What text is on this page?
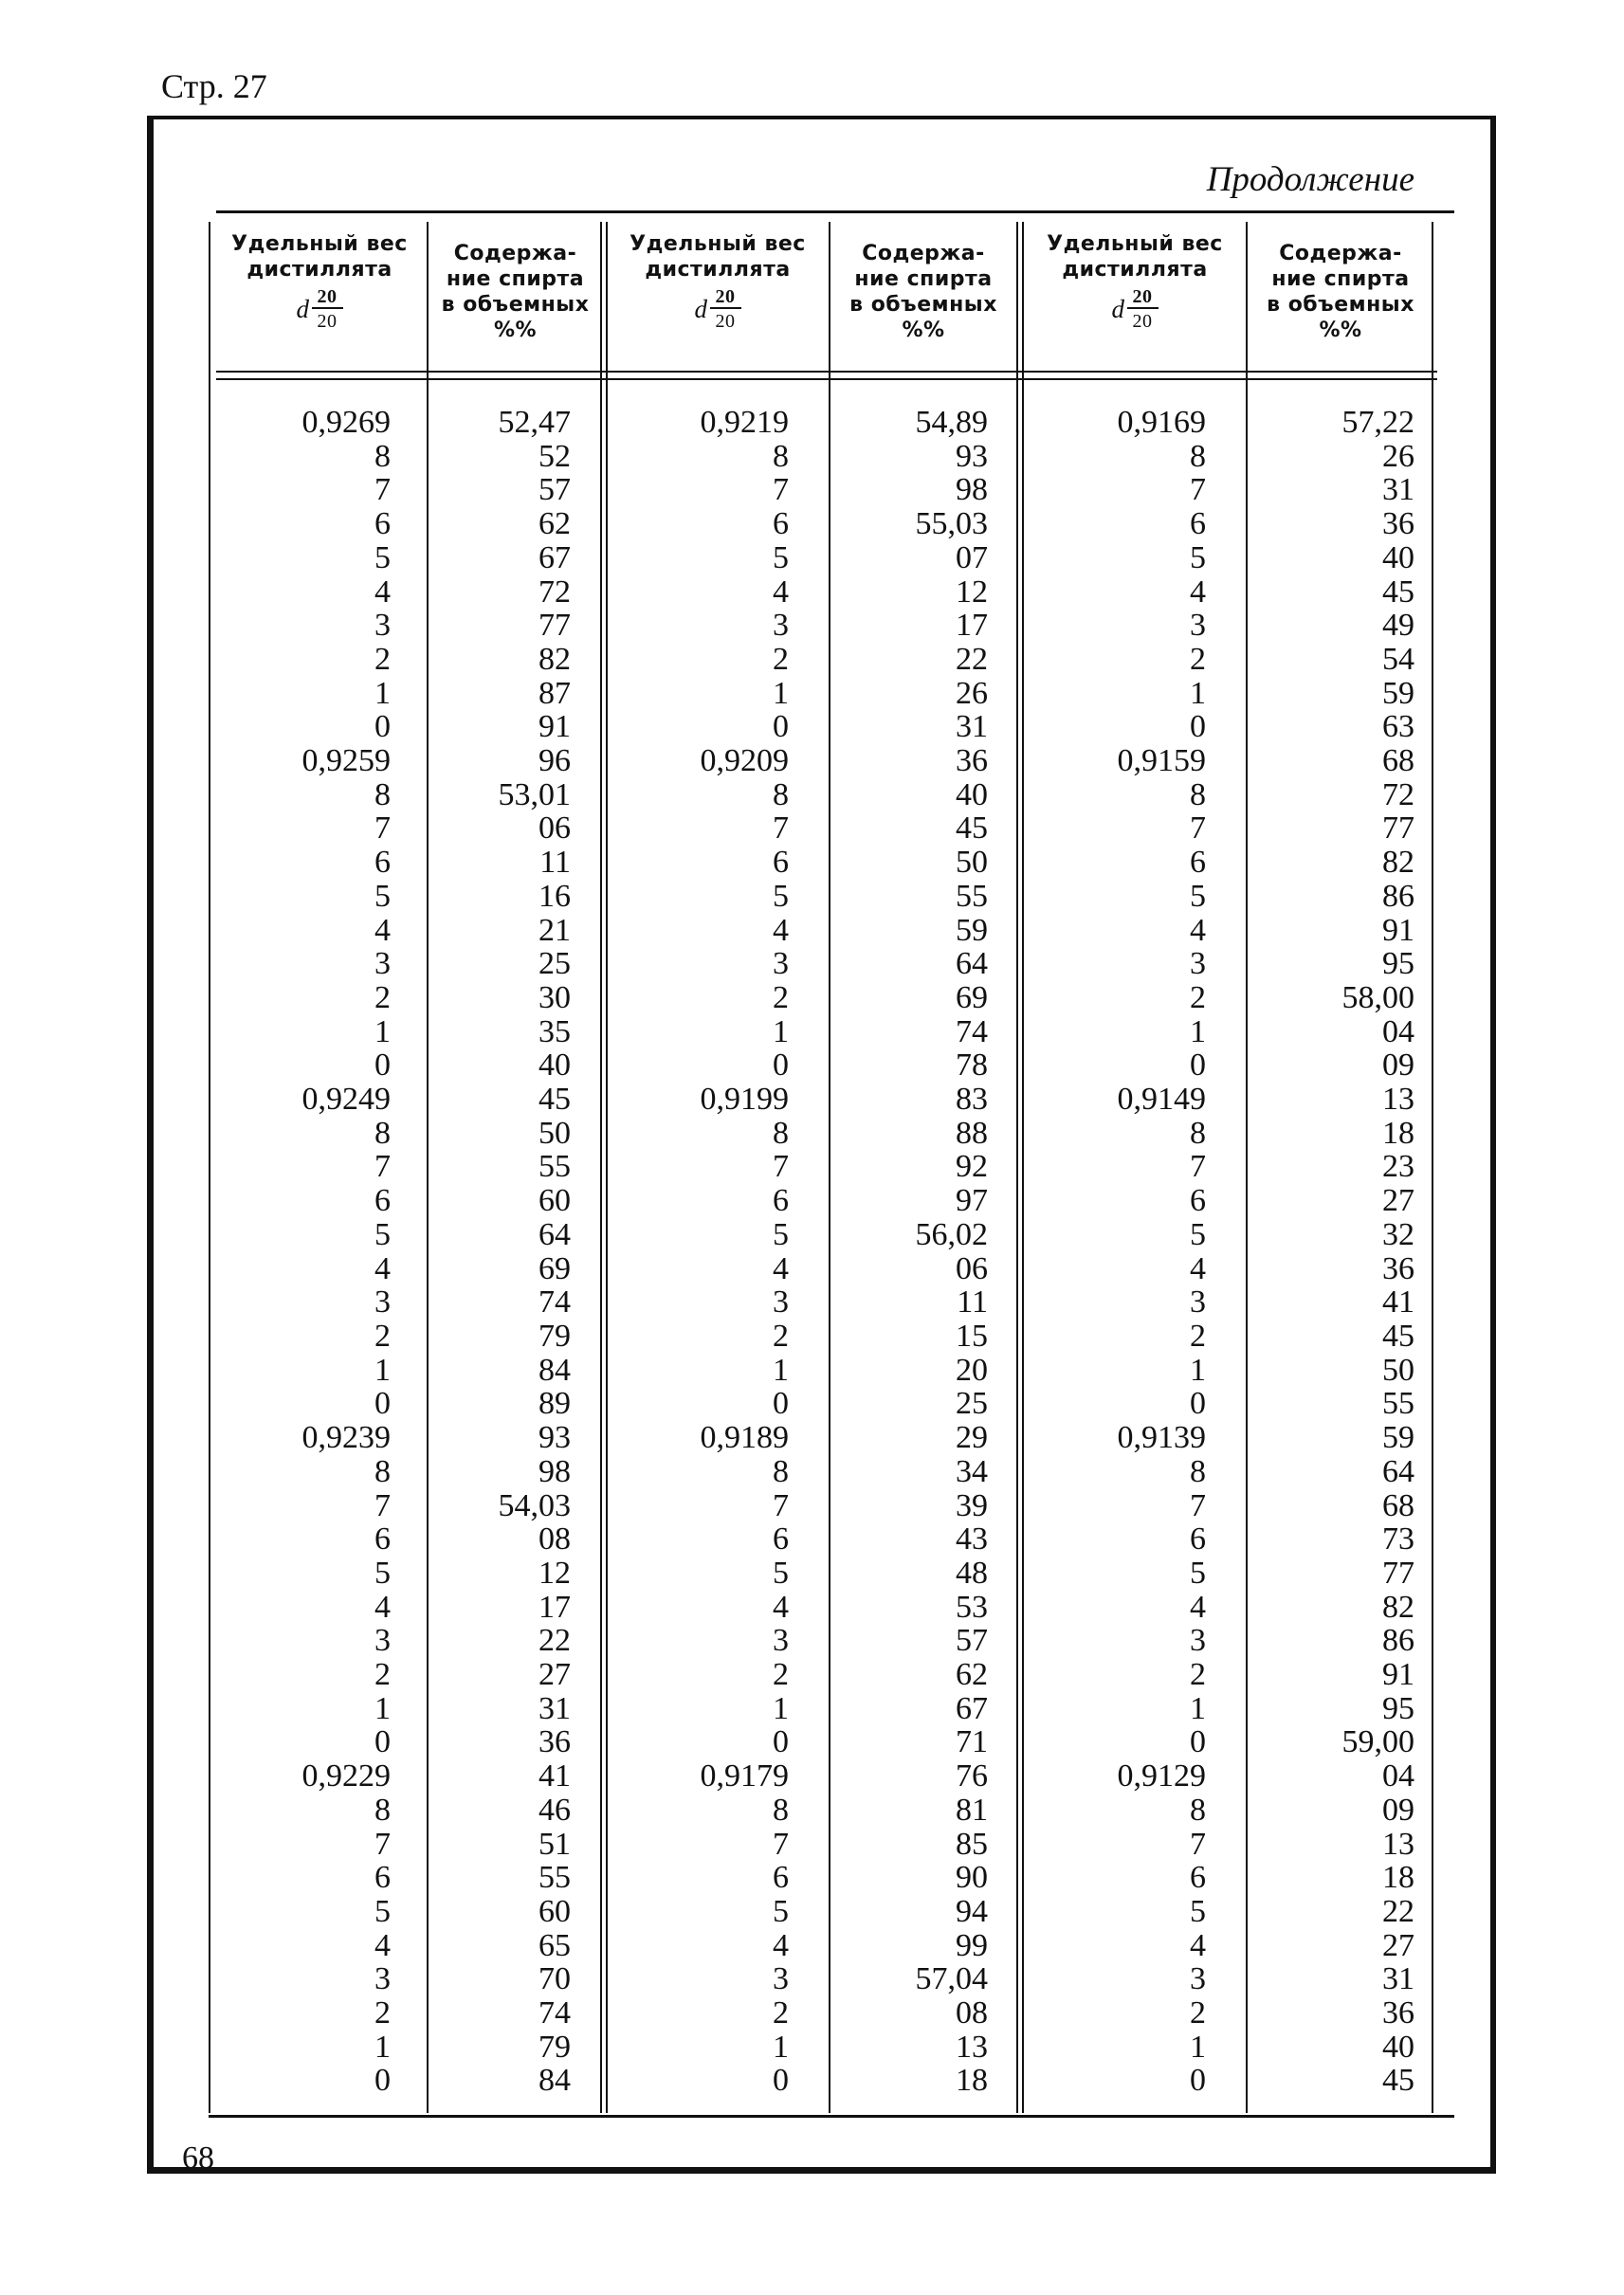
Стр. 27
Продолжение
Удельный вес дистиллята
d $\frac{20}{20}$
Содержа-
ние спирта
в объемных
%%
Удельный вес дистиллята
d $\frac{20}{20}$
Содержа-
ние спирта
в объемных
%%
Удельный вес дистиллята
d $\frac{20}{20}$
Содержа-
ние спирта
в объемных
%%
0,9269
8
7
6
5
4
3
2
1
0
0,9259
8
7
6
5
4
3
2
1
0
0,9249
8
7
6
5
4
3
2
1
0
0,9239
8
7
6
5
4
3
2
1
0
0,9229
8
7
6
5
4
3
2
1
0
52,47
52
57
62
67
72
77
82
87
91
96
53,01
06
11
16
21
25
30
35
40
45
50
55
60
64
69
74
79
84
89
93
98
54,03
08
12
17
22
27
31
36
41
46
51
55
60
65
70
74
79
84
0,9219
8
7
6
5
4
3
2
1
0
0,9209
8
7
6
5
4
3
2
1
0
0,9199
8
7
6
5
4
3
2
1
0
0,9189
8
7
6
5
4
3
2
1
0
0,9179
8
7
6
5
4
3
2
1
0
54,89
93
98
55,03
07
12
17
22
26
31
36
40
45
50
55
59
64
69
74
78
83
88
92
97
56,02
06
11
15
20
25
29
34
39
43
48
53
57
62
67
71
76
81
85
90
94
99
57,04
08
13
18
0,9169
8
7
6
5
4
3
2
1
0
0,9159
8
7
6
5
4
3
2
1
0
0,9149
8
7
6
5
4
3
2
1
0
0,9139
8
7
6
5
4
3
2
1
0
0,9129
8
7
6
5
4
3
2
1
0
57,22
26
31
36
40
45
49
54
59
63
68
72
77
82
86
91
95
58,00
04
09
13
18
23
27
32
36
41
45
50
55
59
64
68
73
77
82
86
91
95
59,00
04
09
13
18
22
27
31
36
40
45
68
